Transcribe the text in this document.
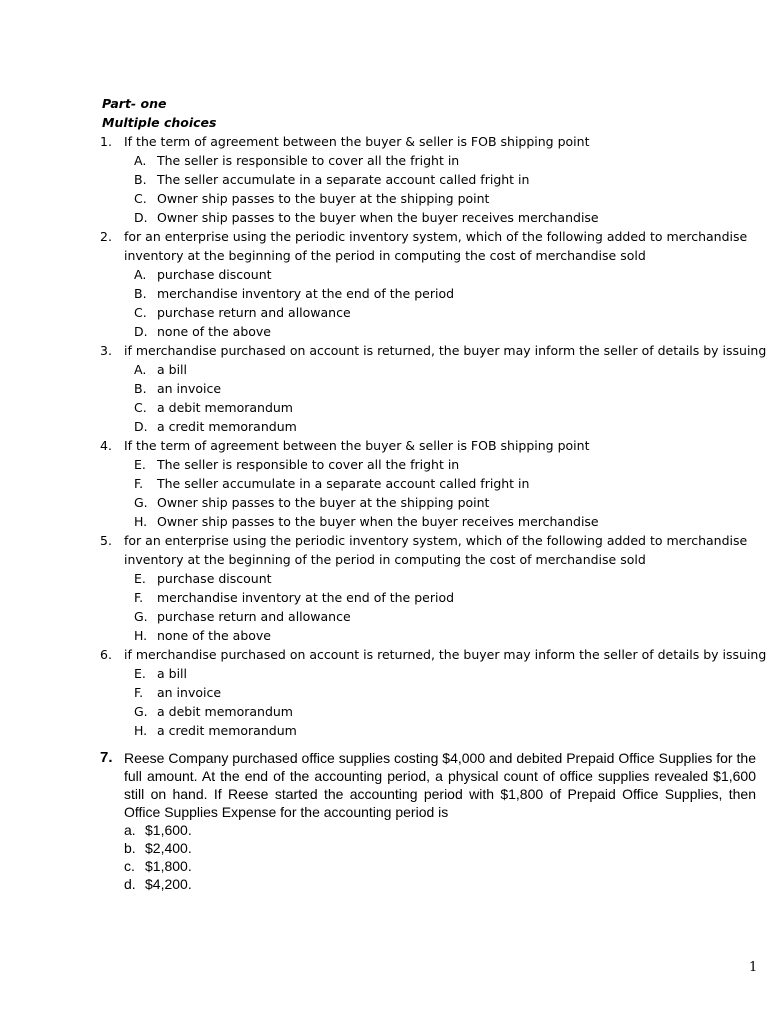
Part- one
Multiple choices
1. If the term of agreement between the buyer & seller is FOB shipping point
A. The seller is responsible to cover all the fright in
B. The seller accumulate in a separate account called fright in
C. Owner ship passes to the buyer at the shipping point
D. Owner ship passes to the buyer when the buyer receives merchandise
2. for an enterprise using the periodic inventory system, which of the following added to merchandise
inventory at the beginning of the period in computing the cost of merchandise sold
A. purchase discount
B. merchandise inventory at the end of the period
C. purchase return and allowance
D. none of the above
3. if merchandise purchased on account is returned, the buyer may inform the seller of details by issuing
A. a bill
B. an invoice
C. a debit memorandum
D. a credit memorandum
4. If the term of agreement between the buyer & seller is FOB shipping point
E. The seller is responsible to cover all the fright in
F. The seller accumulate in a separate account called fright in
G. Owner ship passes to the buyer at the shipping point
H. Owner ship passes to the buyer when the buyer receives merchandise
5. for an enterprise using the periodic inventory system, which of the following added to merchandise
inventory at the beginning of the period in computing the cost of merchandise sold
E. purchase discount
F. merchandise inventory at the end of the period
G. purchase return and allowance
H. none of the above
6. if merchandise purchased on account is returned, the buyer may inform the seller of details by issuing
E. a bill
F. an invoice
G. a debit memorandum
H. a credit memorandum
7. Reese Company purchased office supplies costing $4,000 and debited Prepaid Office Supplies for the full amount. At the end of the accounting period, a physical count of office supplies revealed $1,600 still on hand. If Reese started the accounting period with $1,800 of Prepaid Office Supplies, then Office Supplies Expense for the accounting period is
a. $1,600.
b. $2,400.
c. $1,800.
d. $4,200.
1
